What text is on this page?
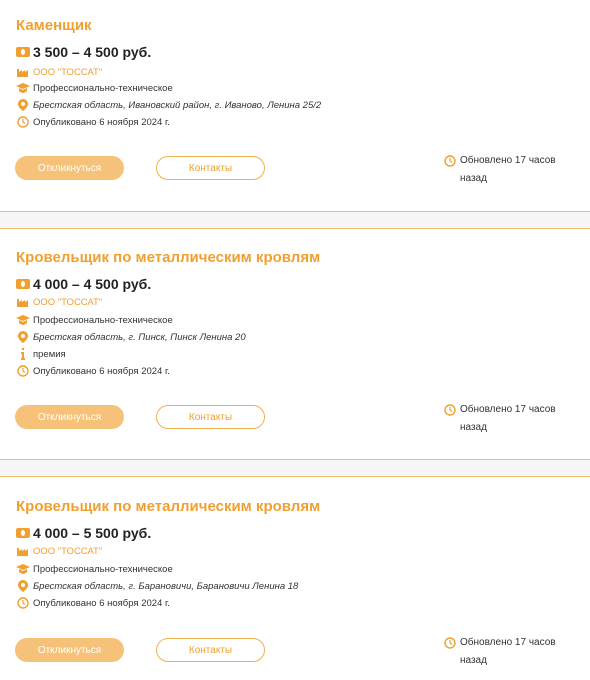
Каменщик
3 500 – 4 500 руб.
ООО "ТОССАТ"
Профессионально-техническое
Брестская область, Ивановский район, г. Иваново, Ленина 25/2
Опубликовано 6 ноября 2024 г.
Откликнуться	Контакты
Обновлено 17 часов назад
Кровельщик по металлическим кровлям
4 000 – 4 500 руб.
ООО "ТОССАТ"
Профессионально-техническое
Брестская область, г. Пинск, Пинск Ленина 20
премия
Опубликовано 6 ноября 2024 г.
Откликнуться	Контакты
Обновлено 17 часов назад
Кровельщик по металлическим кровлям
4 000 – 5 500 руб.
ООО "ТОССАТ"
Профессионально-техническое
Брестская область, г. Барановичи, Барановичи Ленина 18
Опубликовано 6 ноября 2024 г.
Откликнуться	Контакты
Обновлено 17 часов назад
